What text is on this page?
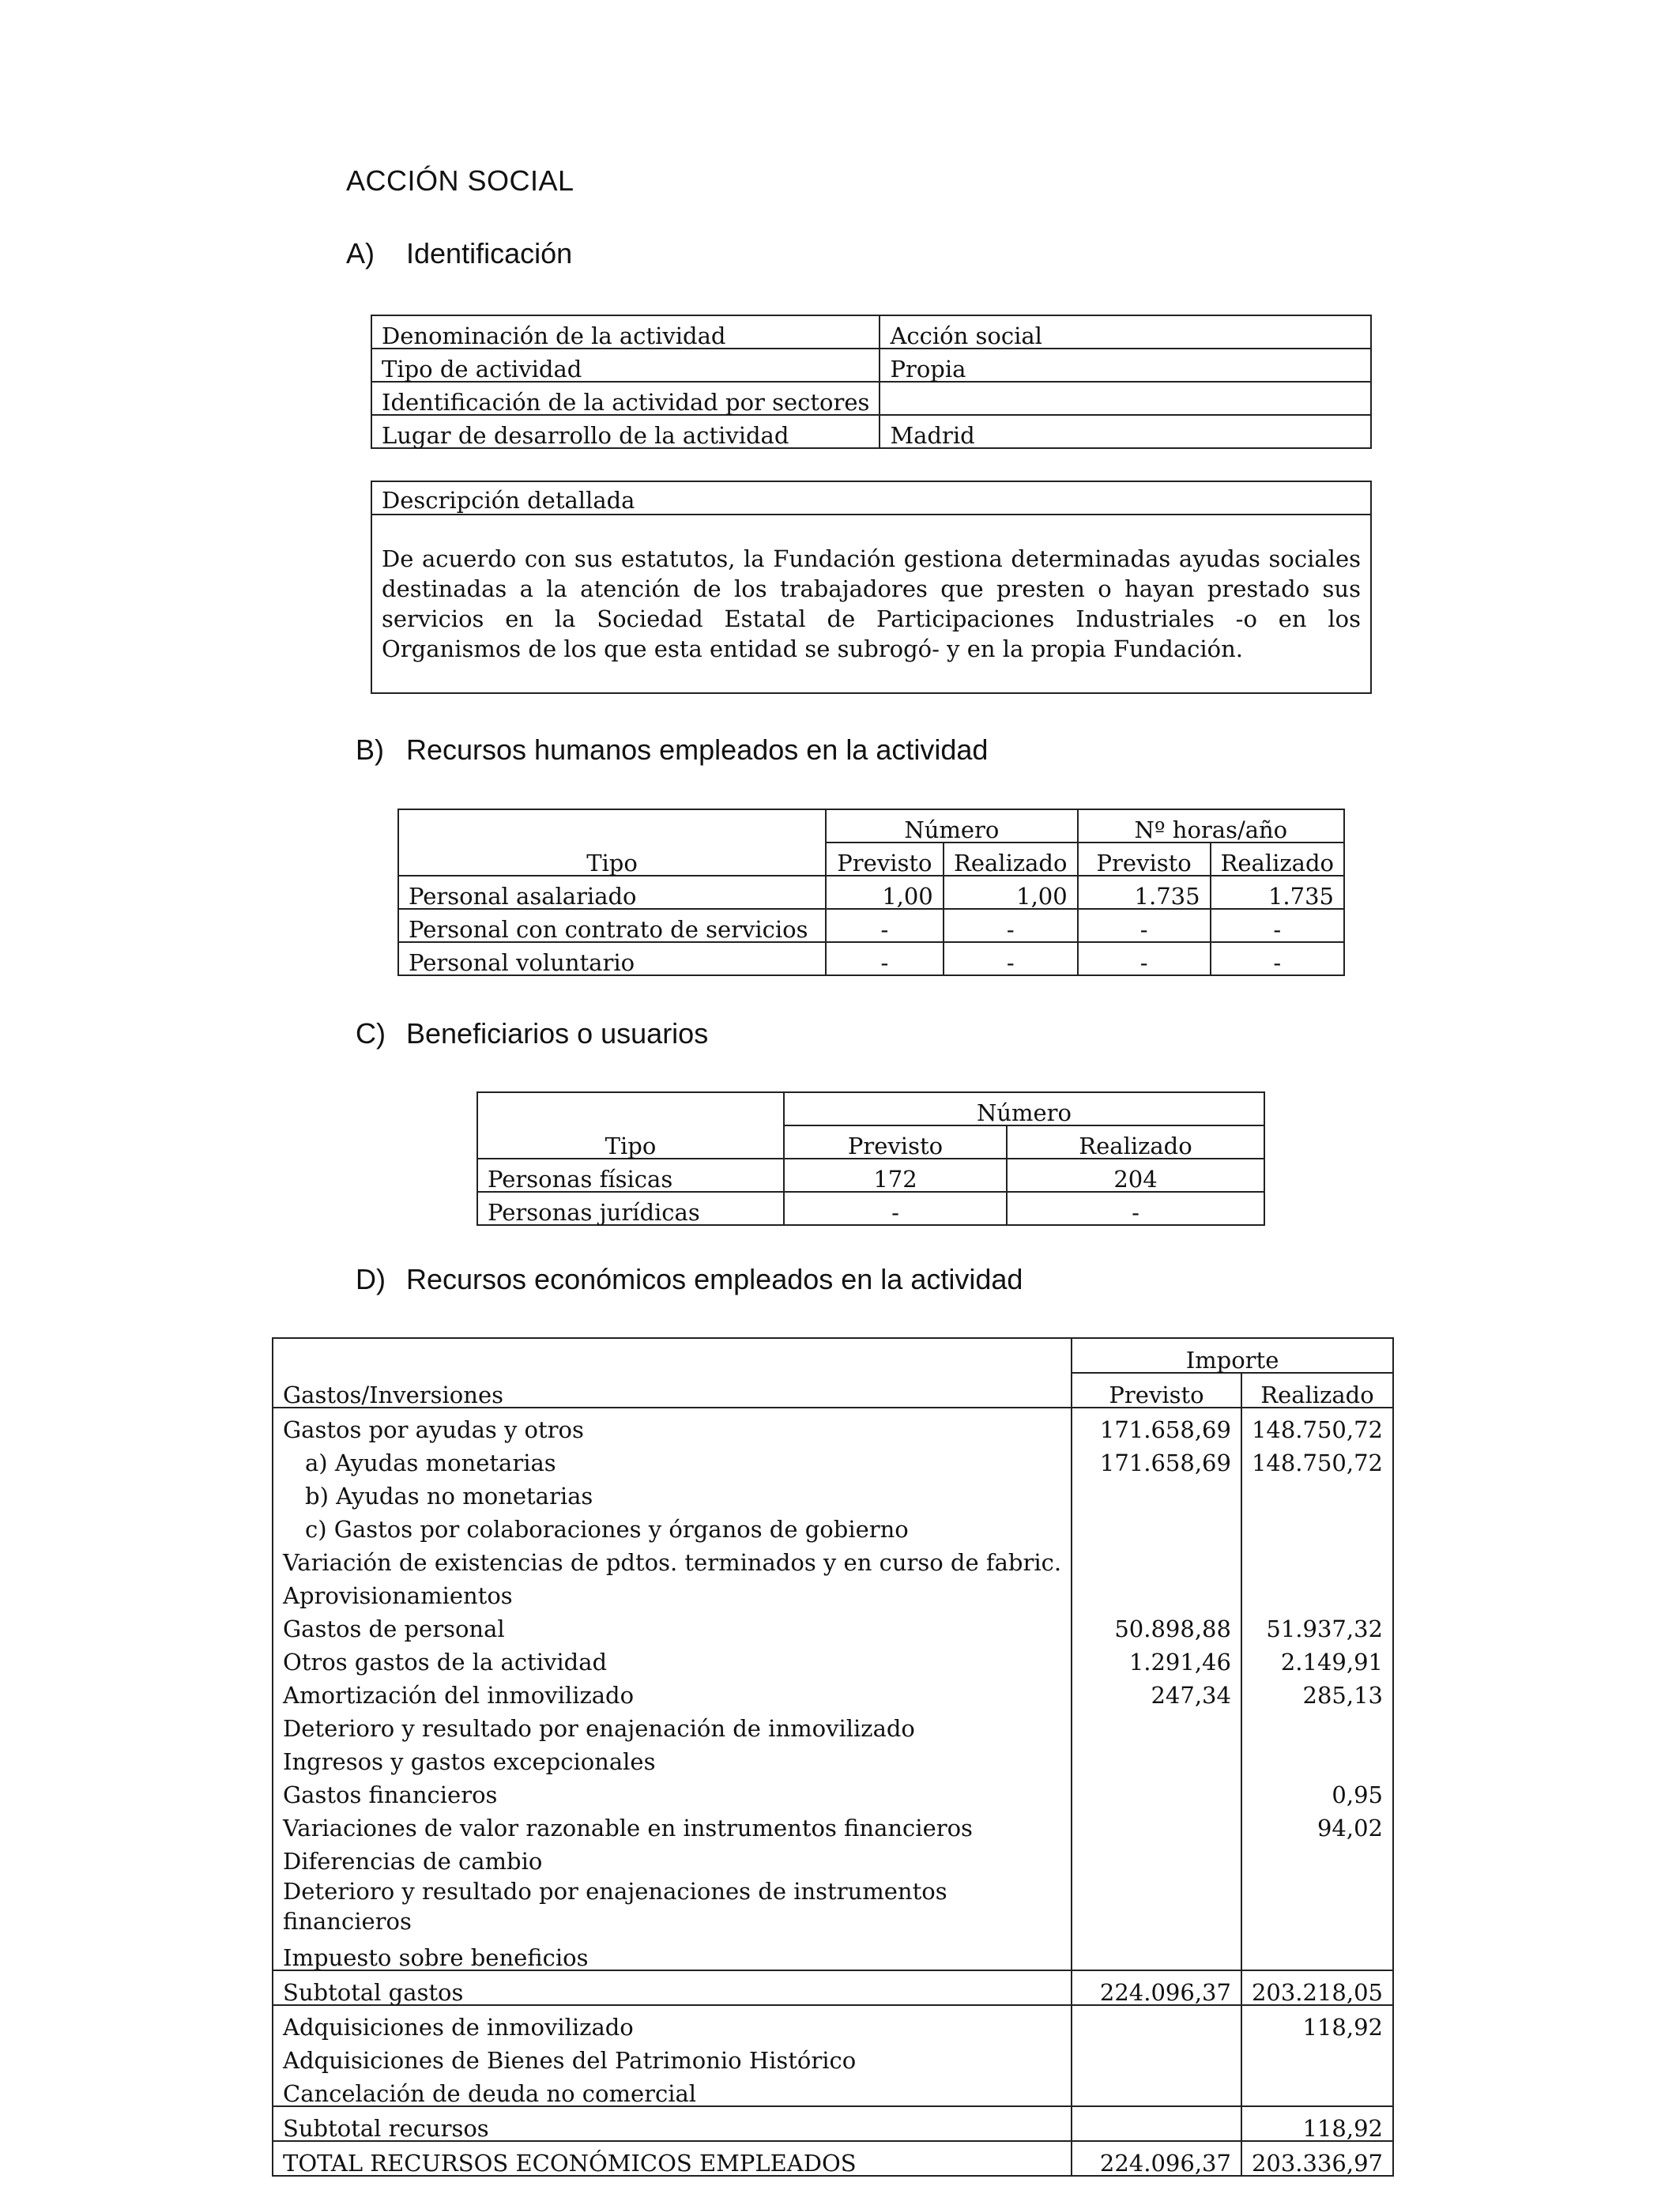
ACCIÓN SOCIAL
A) Identificación
Denominación de la actividad	Acción social
Tipo de actividad	Propia
Identificación de la actividad por sectores	
Lugar de desarrollo de la actividad	Madrid
Descripción detallada
De acuerdo con sus estatutos, la Fundación gestiona determinadas ayudas sociales destinadas a la atención de los trabajadores que presten o hayan prestado sus servicios en la Sociedad Estatal de Participaciones Industriales -o en los Organismos de los que esta entidad se subrogó- y en la propia Fundación.
B) Recursos humanos empleados en la actividad
Tipo	Número		Nº horas/año	
	Previsto	Realizado	Previsto	Realizado
Personal asalariado	1,00	1,00	1.735	1.735
Personal con contrato de servicios	-	-	-	-
Personal voluntario	-	-	-	-
C) Beneficiarios o usuarios
Tipo	Número	
	Previsto	Realizado
Personas físicas	172	204
Personas jurídicas	-	-
D) Recursos económicos empleados en la actividad
Gastos/Inversiones	Importe	
	Previsto	Realizado
Gastos por ayudas y otros	171.658,69	148.750,72
a) Ayudas monetarias	171.658,69	148.750,72
b) Ayudas no monetarias		
c) Gastos por colaboraciones y órganos de gobierno		
Variación de existencias de pdtos. terminados y en curso de fabric.		
Aprovisionamientos		
Gastos de personal	50.898,88	51.937,32
Otros gastos de la actividad	1.291,46	2.149,91
Amortización del inmovilizado	247,34	285,13
Deterioro y resultado por enajenación de inmovilizado		
Ingresos y gastos excepcionales		
Gastos financieros		0,95
Variaciones de valor razonable en instrumentos financieros		94,02
Diferencias de cambio		
Deterioro y resultado por enajenaciones de instrumentos financieros		
Impuesto sobre beneficios		
Subtotal gastos	224.096,37	203.218,05
Adquisiciones de inmovilizado		118,92
Adquisiciones de Bienes del Patrimonio Histórico		
Cancelación de deuda no comercial		
Subtotal recursos		118,92
TOTAL RECURSOS ECONÓMICOS EMPLEADOS	224.096,37	203.336,97
